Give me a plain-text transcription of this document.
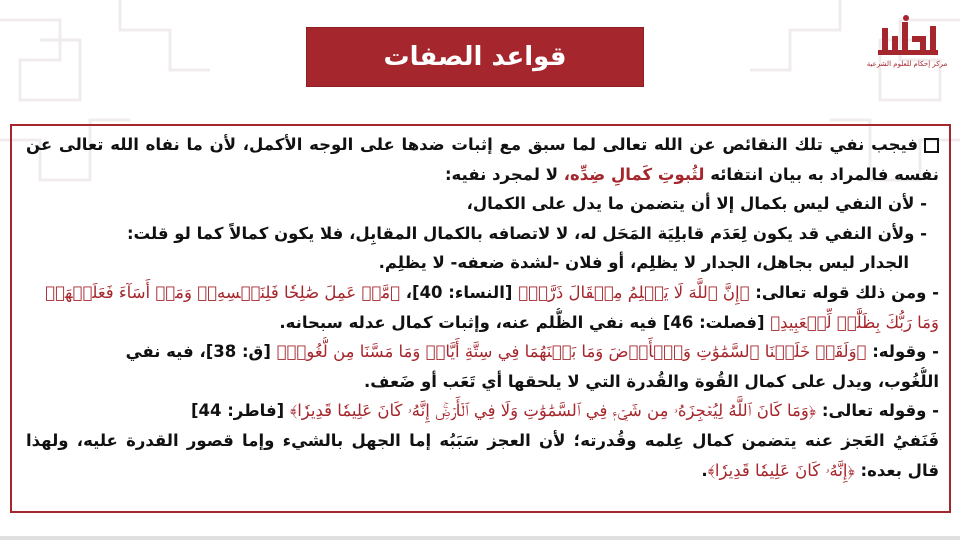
قواعد الصفات	مركز إحكام للعلوم الشرعية
فيجب نفي تلك النقائص عن الله تعالى لما سبق مع إثبات ضدها على الوجه الأكمل، لأن ما نفاه الله تعالى عن
نفسه فالمراد به بيان انتفائه لثُبوتِ كَمالِ ضِدِّه، لا لمجرد نفيه:
- لأن النفي ليس بكمال إلا أن يتضمن ما يدل على الكمال،
- ولأن النفي قد يكون لِعَدَم قابلِيَة المَحَل له، لا لاتصافه بالكمال المقابِل، فلا يكون كمالاً كما لو قلت:
الجدار ليس بجاهل، الجدار لا يظلِم، أو فلان -لشدة ضعفه- لا يظلِم.
- ومن ذلك قوله تعالى: ﴿إِنَّ ٱللَّهَ لَا يَظۡلِمُ مِثۡقَالَ ذَرَّةٖ﴾ [النساء: 40]، ﴿مَّنۡ عَمِلَ صَٰلِحٗا فَلِنَفۡسِهِۦۖ وَمَنۡ أَسَآءَ فَعَلَيۡهَاۗ
وَمَا رَبُّكَ بِظَلَّٰمٖ لِّلۡعَبِيدِ﴾ [فصلت: 46] فيه نفي الظُّلم عنه، وإثبات كمال عدله سبحانه.
- وقوله: ﴿وَلَقَدۡ خَلَقۡنَا ٱلسَّمَٰوَٰتِ وَٱلۡأَرۡضَ وَمَا بَيۡنَهُمَا فِي سِتَّةِ أَيَّامٖ وَمَا مَسَّنَا مِن لُّغُوبٖ﴾ [ق: 38]، فيه نفي
اللُّغُوب، ويدل على كمال القُوة والقُدرة التي لا يلحقها أي تَعَب أو ضَعف.
- وقوله تعالى: ﴿وَمَا كَانَ ٱللَّهُ لِيُعۡجِزَهُۥ مِن شَيۡءٖ فِي ٱلسَّمَٰوَٰتِ وَلَا فِي ٱلۡأَرۡضِۚ إِنَّهُۥ كَانَ عَلِيمٗا قَدِيرٗا﴾ [فاطر: 44]
فَنَفيُ العَجز عنه يتضمن كمال عِلمه وقُدرته؛ لأن العجز سَبَبُه إما الجهل بالشيء وإما قصور القدرة عليه، ولهذا
قال بعده: ﴿إِنَّهُۥ كَانَ عَلِيمٗا قَدِيرٗا﴾.
